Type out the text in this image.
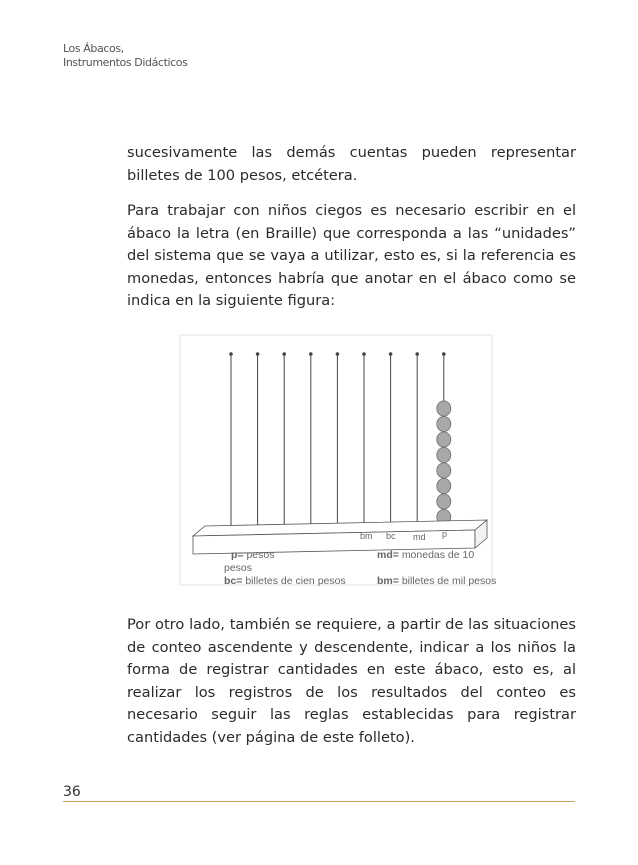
Los Ábacos,
Instrumentos Didácticos
sucesivamente las demás cuentas pueden representar billetes de 100 pesos, etcétera.
Para trabajar con niños ciegos es necesario escribir en el ábaco la letra (en Braille) que corresponda a las “unidades” del sistema que se vaya a utilizar, esto es, si la referencia es monedas, entonces habría que anotar en el ábaco como se indica en la siguiente figura:
bm bc md p
p= pesos	md= monedas de 10
pesos
bc= billetes de cien pesos	bm= billetes de mil pesos
Por otro lado, también se requiere, a partir de las situaciones de conteo ascendente y descendente, indicar a los niños la forma de registrar cantidades en este ábaco, esto es, al realizar los registros de los resultados del conteo es necesario seguir las reglas establecidas para registrar cantidades (ver página de este folleto).
36
